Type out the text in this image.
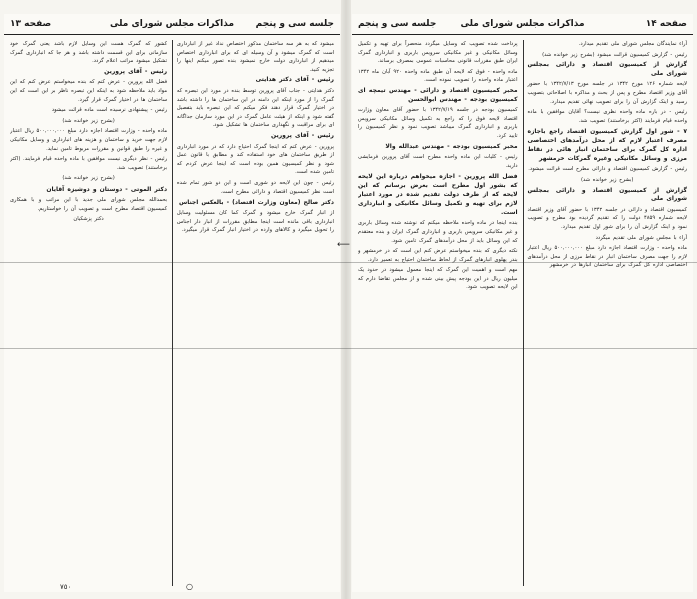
جلسه سی و پنجم
مذاکرات مجلس شورای ملی
صفحه ۱۳

میشود که به هر سه ساختمان مذکور اختصاص نداد غیر از انبارداری است که گمرک میشود و آن وسیله ای که برای انبارداری اختصاص میدهیم از انبارداری دولت خارج نمیشود بنده تصور میکنم اینها را تجزیه کنید.

رئیس - آقای دکتر هدایتی

دکتر هدایتی - جناب آقای پرورین توسط بنده در مورد این تبصره که گمرک را از مورد اینکه این دامنه در این ساختمان ها را داشته باشد در اختیار گمرک قرار دهند فکر میکنم که این تبصره باید بتفصیل گفته شود و اینکه از هیئت عامل گمرک در این مورد سازمان جداگانه ای برای مراقبت و نگهداری ساختمان ها تشکیل شود.

رئیس - آقای پرورین

پرورین - عرض کنم که اینجا گمرک احتیاج دارد که در مورد انبارداری از طریق ساختمان های خود استفاده کند و مطابق با قانون عمل شود و نظر کمیسیون همین بوده است که اینجا عرض کردم که تامین شده است.

رئیس - چون این لایحه دو شوری است و این دو شور تمام شده است نظر کمیسیون اقتصاد و دارائی مطرح است.

دکتر صالح (معاون وزارت اقتصاد) - بالعکس اجناس

از انبار گمرک خارج میشود و گمرک کما کان مسئولیت وسایل انبارداری باقی مانده است اینجا مطابق مقررات از انبار دار اجناس را تحویل میگیرد و کالاهای وارده در اختیار انبار گمرک قرار میگیرد.

کشور که گمرک هست این وسایل لازم باشد یعنی گمرک خود سازمانی برای این قسمت داشته باشد و هر جا که انبارداری گمرک تشکیل میشود مراتب اعلام گردد.

رئیس - آقای پرورین

فضل الله پرورین - عرض کنم که بنده میخواستم عرض کنم که این مواد باید ملاحظه شود به اینکه این تبصره ناظر بر این است که این ساختمان ها در اختیار گمرک قرار گیرد.

رئیس - پیشنهادی نرسیده است ماده قرائت میشود

(بشرح زیر خوانده شد)

ماده واحده - وزارت اقتصاد اجازه دارد مبلغ ۵۰۰,۰۰۰,۰۰۰ ریال اعتبار لازم جهت خرید و ساختمان و هزینه های انبارداری و وسایل مکانیکی و غیره را طبق قوانین و مقررات مربوط تامین نماید.

رئیس - نظر دیگری نیست موافقین با ماده واحده قیام فرمایند. (اکثر برخاستند) تصویب شد.

(بشرح زیر خوانده شد)

دکتر الموتی - دوستان و دوشیزه آقایان

بحمدالله مجلس شورای ملی جدید با این مراتب و با همکاری کمیسیون اقتصاد مطرح است و تصویب آن را خواستاریم.

دکتر پزشکیان

صفحه ۱۴
مذاکرات مجلس شورای ملی
جلسه سی و پنجم

آراء نمایندگان مجلس شورای ملی تقدیم میدارد.

رئیس - گزارش کمیسیون قرائت میشود (بشرح زیر خوانده شد)

گزارش از کمیسیون اقتصاد و دارائی بمجلس شورای ملی

لایحه شماره ۱۲۶ مورخ ۱۳۴۲ در جلسه مورخ ۱۳۴۲/۷/۱۳ با حضور آقای وزیر اقتصاد مطرح و پس از بحث و مذاکره با اصلاحاتی بتصویب رسید و اینک گزارش آن را برای تصویب نهائی تقدیم میدارد.

رئیس - در باره ماده واحده نظری نیست؟ آقایان موافقین با ماده واحده قیام فرمایند (اکثر برخاستند) تصویب شد.

۷ - شور اول گزارش کمیسیون اقتصاد راجع باجازه مصرف اعتبار لازم که از محل درآمدهای اختصاصی اداره کل گمرک برای ساختمان انبار هائی در نقاط مرزی و وسائل مکانیکی وغیره گمرکات خرمشهر

رئیس - گزارش کمیسیون اقتصاد و دارائی مطرح است قرائت میشود.

(بشرح زیر خوانده شد)

گزارش از کمیسیون اقتصاد و دارائی بمجلس شورای ملی

کمیسیون اقتصاد و دارائی در جلسه ۱۳۴۲ با حضور آقای وزیر اقتصاد لایحه شماره ۴۸۵۹ دولت را که تقدیم گردیده بود مطرح و تصویب نمود و اینک گزارش آن را برای شور اول تقدیم میدارد.

آراء با مجلس شورای ملی تقدیم میگردد

ماده واحده - وزارت اقتصاد اجازه دارد مبلغ ۵۰۰,۰۰۰,۰۰۰ ریال اعتبار لازم را جهت مصرف ساختمان انبار در نقاط مرزی از محل درآمدهای اختصاصی اداره کل گمرک برای ساختمان انبارها در خرمشهر

پرداخت شده تصویب که وسایل میگردد منحصراً برای تهیه و تکمیل وسائل مکانیکی و غیر مکانیکی سرویس باربری و انبارداری گمرک ایران طبق مقررات قانونی محاسبات عمومی بمصرف برساند.

ماده واحده - فوق که لایحه آن طبق ماده واحده ۹۲۰ آبان ماه ۱۳۴۲ اعتبار ماده واحده را تصویب نموده است.

مخبر کمیسیون اقتصاد و دارائی - مهندس تیمچه ای کمیسیون بودجه - مهندس ابوالحسن

کمیسیون بودجه در جلسه ۱۳۴۲/۷/۱۹ با حضور آقای معاون وزارت اقتصاد لایحه فوق را که راجع به تکمیل وسائل مکانیکی سرویس باربری و انبارداری گمرک میباشد تصویب نمود و نظر کمیسیون را تایید کرد.

مخبر کمیسیون بودجه - مهندس عبدالله والا

رئیس - کلیات این ماده واحده مطرح است آقای پرورین فرمایشی دارید.

فضل الله پرورین - اجازه میخواهم درباره این لایحه که بشور اول مطرح است بعرض برسانم که این لایحه که از طرف دولت تقدیم شده در مورد اعتبار لازم برای تهیه و تکمیل وسائل مکانیکی و انبارداری است.

بنده اینجا در ماده واحده ملاحظه میکنم که نوشته شده وسائل باربری و غیر مکانیکی سرویس باربری و انبارداری گمرک ایران و بنده معتقدم که این وسائل باید از محل درآمدهای گمرک تامین شود.

نکته دیگری که بنده میخواستم عرض کنم این است که در خرمشهر و بندر پهلوی انبارهای گمرک از لحاظ ساختمان احتیاج به تعمیر دارد.

مهم است و اهمیت این گمرک که اینجا معمول میشود در حدود یک میلیون ریال در این بودجه پیش بینی شده و از مجلس تقاضا دارم که این لایحه تصویب شود.

⟵
٧٥٠	○
